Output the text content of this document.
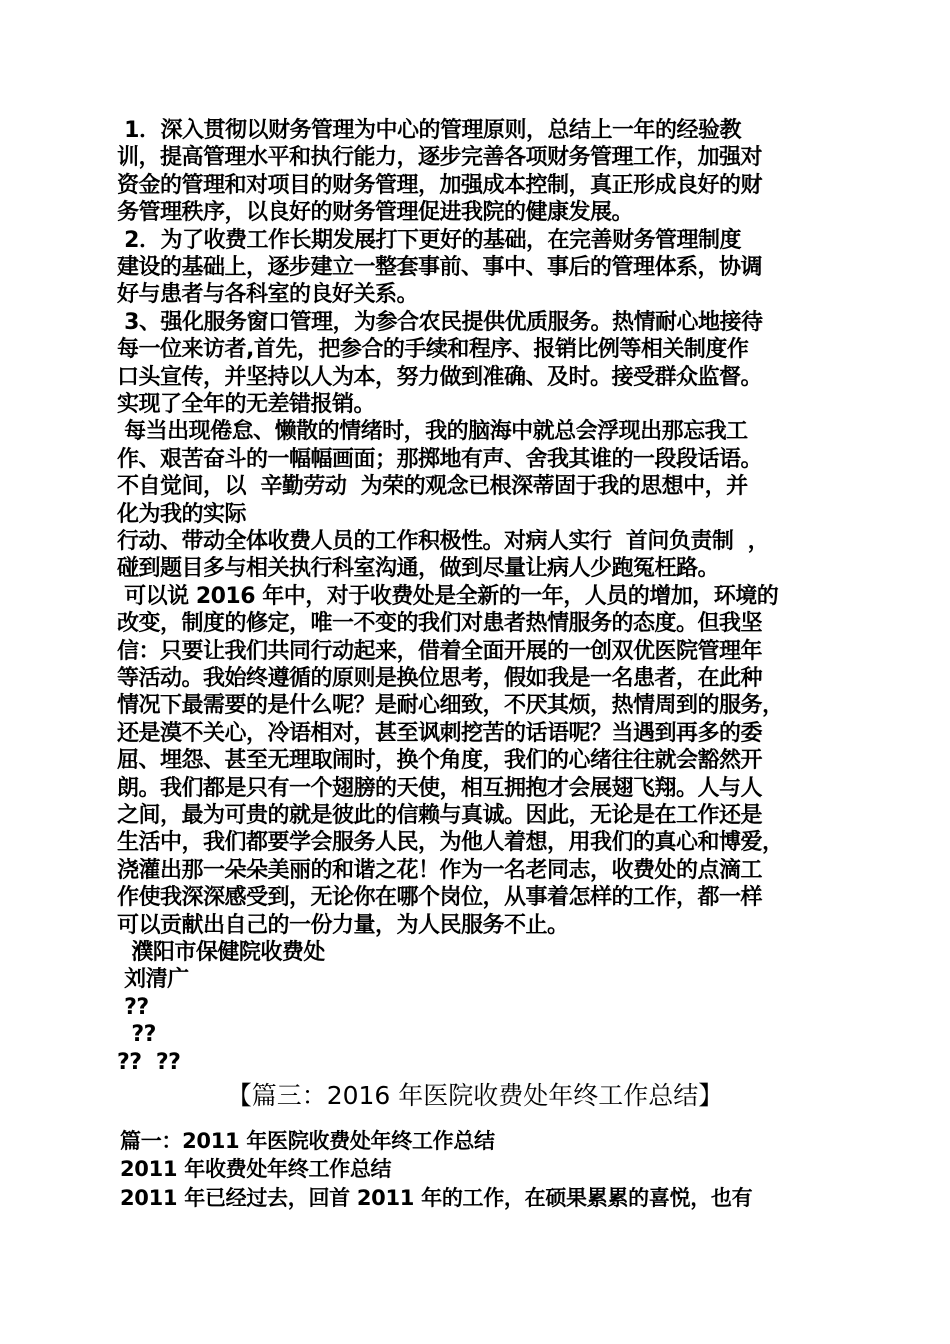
1．深入贯彻以财务管理为中心的管理原则，总结上一年的经验教
训，提高管理水平和执行能力，逐步完善各项财务管理工作，加强对
资金的管理和对项目的财务管理，加强成本控制，真正形成良好的财
务管理秩序，以良好的财务管理促进我院的健康发展。
2．为了收费工作长期发展打下更好的基础，在完善财务管理制度
建设的基础上，逐步建立一整套事前、事中、事后的管理体系，协调
好与患者与各科室的良好关系。
3、强化服务窗口管理，为参合农民提供优质服务。热情耐心地接待
每一位来访者,首先，把参合的手续和程序、报销比例等相关制度作
口头宣传，并坚持以人为本，努力做到准确、及时。接受群众监督。
实现了全年的无差错报销。
每当出现倦怠、懒散的情绪时，我的脑海中就总会浮现出那忘我工
作、艰苦奋斗的一幅幅画面；那掷地有声、舍我其谁的一段段话语。
不自觉间，以  辛勤劳动  为荣的观念已根深蒂固于我的思想中，并
化为我的实际
行动、带动全体收费人员的工作积极性。对病人实行  首问负责制  ，
碰到题目多与相关执行科室沟通，做到尽量让病人少跑冤枉路。
可以说 2016 年中，对于收费处是全新的一年，人员的增加，环境的
改变，制度的修定，唯一不变的我们对患者热情服务的态度。但我坚
信：只要让我们共同行动起来，借着全面开展的一创双优医院管理年
等活动。我始终遵循的原则是换位思考，假如我是一名患者，在此种
情况下最需要的是什么呢？是耐心细致，不厌其烦，热情周到的服务，
还是漠不关心，冷语相对，甚至讽刺挖苦的话语呢？当遇到再多的委
屈、埋怨、甚至无理取闹时，换个角度，我们的心绪往往就会豁然开
朗。我们都是只有一个翅膀的天使，相互拥抱才会展翅飞翔。人与人
之间，最为可贵的就是彼此的信赖与真诚。因此，无论是在工作还是
生活中，我们都要学会服务人民，为他人着想，用我们的真心和博爱，
浇灌出那一朵朵美丽的和谐之花！作为一名老同志，收费处的点滴工
作使我深深感受到，无论你在哪个岗位，从事着怎样的工作，都一样
可以贡献出自己的一份力量，为人民服务不止。
濮阳市保健院收费处
刘清广
??
??
??  ??
【篇三：2016 年医院收费处年终工作总结】
篇一：2011 年医院收费处年终工作总结
2011 年收费处年终工作总结
2011 年已经过去，回首 2011 年的工作，在硕果累累的喜悦，也有
